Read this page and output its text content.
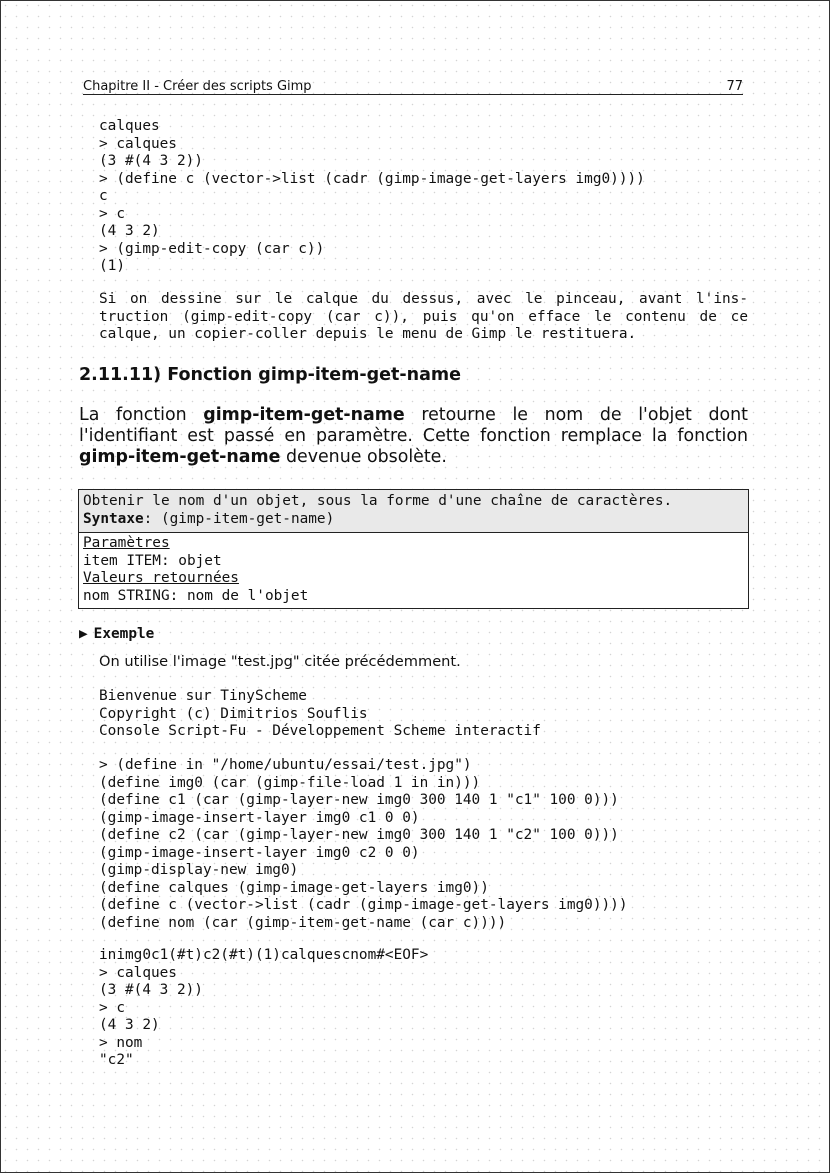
Chapitre II - Créer des scripts Gimp	77
calques
> calques
(3 #(4 3 2))
> (define c (vector->list (cadr (gimp-image-get-layers img0))))
c
> c
(4 3 2)
> (gimp-edit-copy (car c))
(1)
Si on dessine sur le calque du dessus, avec le pinceau, avant l'ins-truction (gimp-edit-copy (car c)), puis qu'on efface le contenu de ce calque, un copier-coller depuis le menu de Gimp le restituera.
2.11.11) Fonction gimp-item-get-name

La fonction gimp-item-get-name retourne le nom de l'objet dont l'identifiant est passé en paramètre. Cette fonction remplace la fonction gimp-item-get-name devenue obsolète.

Obtenir le nom d'un objet, sous la forme d'une chaîne de caractères.
Syntaxe: (gimp-item-get-name)
Paramètres
item ITEM: objet
Valeurs retournées
nom STRING: nom de l'objet
▶ Exemple
On utilise l'image "test.jpg" citée précédemment.
Bienvenue sur TinyScheme
Copyright (c) Dimitrios Souflis
Console Script-Fu - Développement Scheme interactif
> (define in "/home/ubuntu/essai/test.jpg")
(define img0 (car (gimp-file-load 1 in in)))
(define c1 (car (gimp-layer-new img0 300 140 1 "c1" 100 0)))
(gimp-image-insert-layer img0 c1 0 0)
(define c2 (car (gimp-layer-new img0 300 140 1 "c2" 100 0)))
(gimp-image-insert-layer img0 c2 0 0)
(gimp-display-new img0)
(define calques (gimp-image-get-layers img0))
(define c (vector->list (cadr (gimp-image-get-layers img0))))
(define nom (car (gimp-item-get-name (car c))))
inimg0c1(#t)c2(#t)(1)calquescnom#<EOF>
> calques
(3 #(4 3 2))
> c
(4 3 2)
> nom
"c2"
